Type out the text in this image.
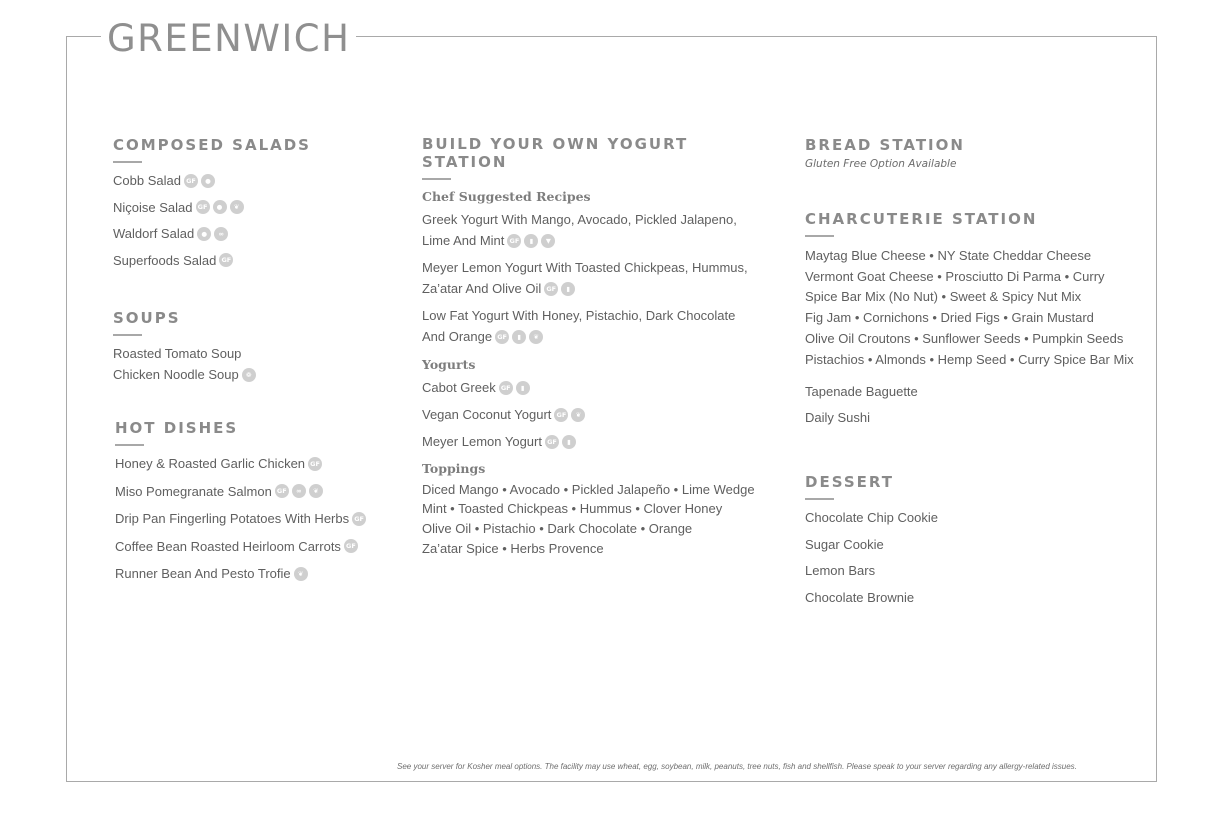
GREENWICH
COMPOSED SALADS
Cobb Salad GF	●
Niçoise Salad GF	●	❦
Waldorf Salad	●	∞
Superfoods Salad GF
SOUPS
Roasted Tomato Soup
Chicken Noodle Soup	❁
HOT DISHES
Honey & Roasted Garlic Chicken GF
Miso Pomegranate Salmon GF	∞	❦
Drip Pan Fingerling Potatoes With Herbs GF
Coffee Bean Roasted Heirloom Carrots GF
Runner Bean And Pesto Trofie	❦
BUILD YOUR OWN YOGURT STATION
Chef Suggested Recipes
Greek Yogurt With Mango, Avocado, Pickled Jalapeno, Lime And Mint GF ▮ ▼
Meyer Lemon Yogurt With Toasted Chickpeas, Hummus, Za’atar And Olive Oil GF ▮
Low Fat Yogurt With Honey, Pistachio, Dark Chocolate And Orange GF ▮ ❦
Yogurts
Cabot Greek GF	▮
Vegan Coconut Yogurt GF	❦
Meyer Lemon Yogurt GF	▮
Toppings
Diced Mango • Avocado • Pickled Jalapeño • Lime Wedge
Mint • Toasted Chickpeas • Hummus • Clover Honey
Olive Oil • Pistachio • Dark Chocolate • Orange
Za’atar Spice • Herbs Provence
BREAD STATION
Gluten Free Option Available
CHARCUTERIE STATION
Maytag Blue Cheese • NY State Cheddar Cheese
Vermont Goat Cheese • Prosciutto Di Parma • Curry
Spice Bar Mix (No Nut) • Sweet & Spicy Nut Mix
Fig Jam • Cornichons • Dried Figs • Grain Mustard
Olive Oil Croutons • Sunflower Seeds • Pumpkin Seeds
Pistachios • Almonds • Hemp Seed • Curry Spice Bar Mix
Tapenade Baguette
Daily Sushi
DESSERT
Chocolate Chip Cookie
Sugar Cookie
Lemon Bars
Chocolate Brownie
See your server for Kosher meal options. The facility may use wheat, egg, soybean, milk, peanuts, tree nuts, fish and shellfish. Please speak to your server regarding any allergy-related issues.
